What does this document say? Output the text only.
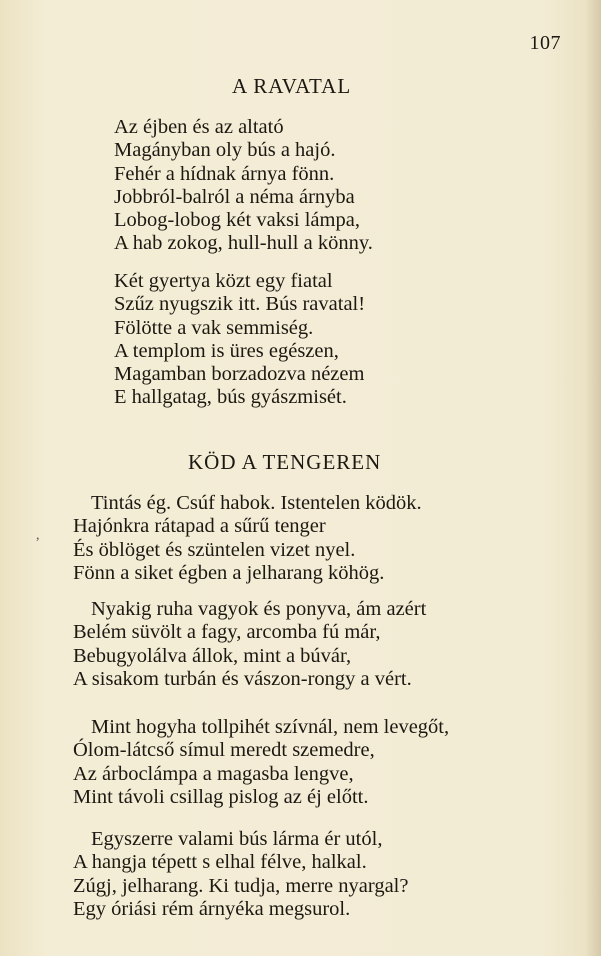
107
A RAVATAL
Az éjben és az altató
Magányban oly bús a hajó.
Fehér a hídnak árnya fönn.
Jobbról-balról a néma árnyba
Lobog-lobog két vaksi lámpa,
A hab zokog, hull-hull a könny.
Két gyertya közt egy fiatal
Szűz nyugszik itt. Bús ravatal!
Fölötte a vak semmiség.
A templom is üres egészen,
Magamban borzadozva nézem
E hallgatag, bús gyászmisét.
KÖD A TENGEREN
Tintás ég. Csúf habok. Istentelen ködök.
Hajónkra rátapad a sűrű tenger
És öblöget és szüntelen vizet nyel.
Fönn a siket égben a jelharang köhög.
Nyakig ruha vagyok és ponyva, ám azért
Belém süvölt a fagy, arcomba fú már,
Bebugyolálva állok, mint a búvár,
A sisakom turbán és vászon-rongy a vért.
Mint hogyha tollpihét szívnál, nem levegőt,
Ólom-látcső símul meredt szemedre,
Az árboclámpa a magasba lengve,
Mint távoli csillag pislog az éj előtt.
Egyszerre valami bús lárma ér utól,
A hangja tépett s elhal félve, halkal.
Zúgj, jelharang. Ki tudja, merre nyargal?
Egy óriási rém árnyéka megsurol.
,
